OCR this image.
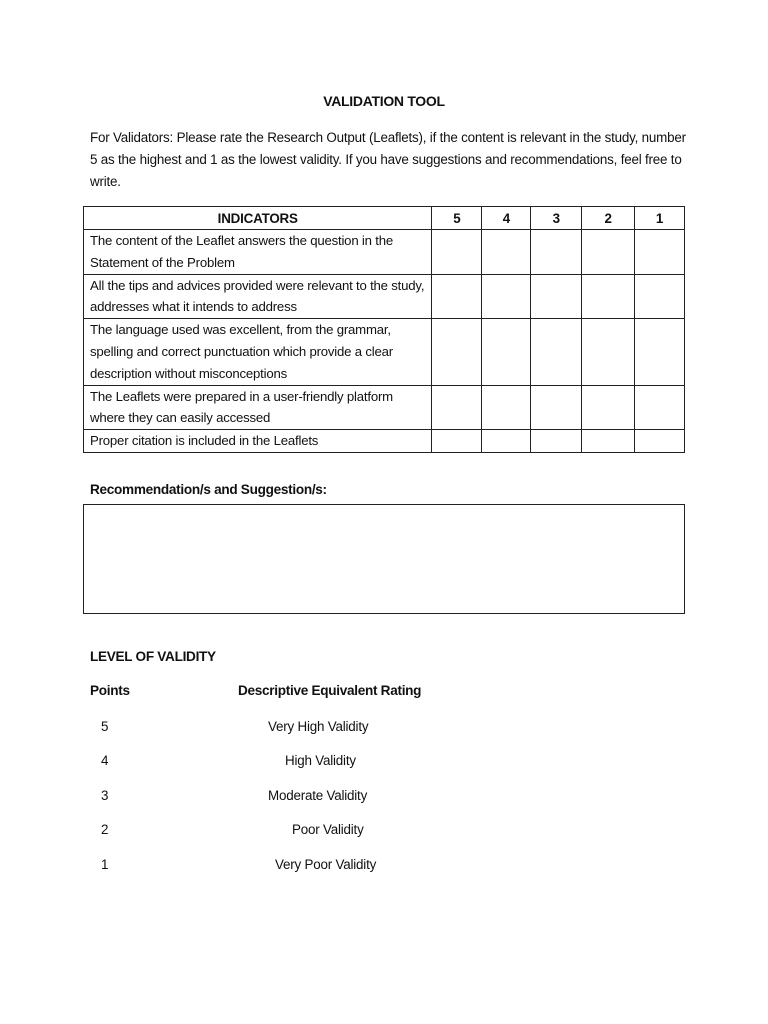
VALIDATION TOOL
For Validators: Please rate the Research Output (Leaflets), if the content is relevant in the study, number 5 as the highest and 1 as the lowest validity. If you have suggestions and recommendations, feel free to write.
INDICATORS	5	4	3	2	1
The content of the Leaflet answers the question in the Statement of the Problem					
All the tips and advices provided were relevant to the study, addresses what it intends to address					
The language used was excellent, from the grammar, spelling and correct punctuation which provide a clear description without misconceptions					
The Leaflets were prepared in a user-friendly platform where they can easily accessed					
Proper citation is included in the Leaflets					
Recommendation/s and Suggestion/s:
LEVEL OF VALIDITY
Points	Descriptive Equivalent Rating
5	Very High Validity
4	High Validity
3	Moderate Validity
2	Poor Validity
1	Very Poor Validity
